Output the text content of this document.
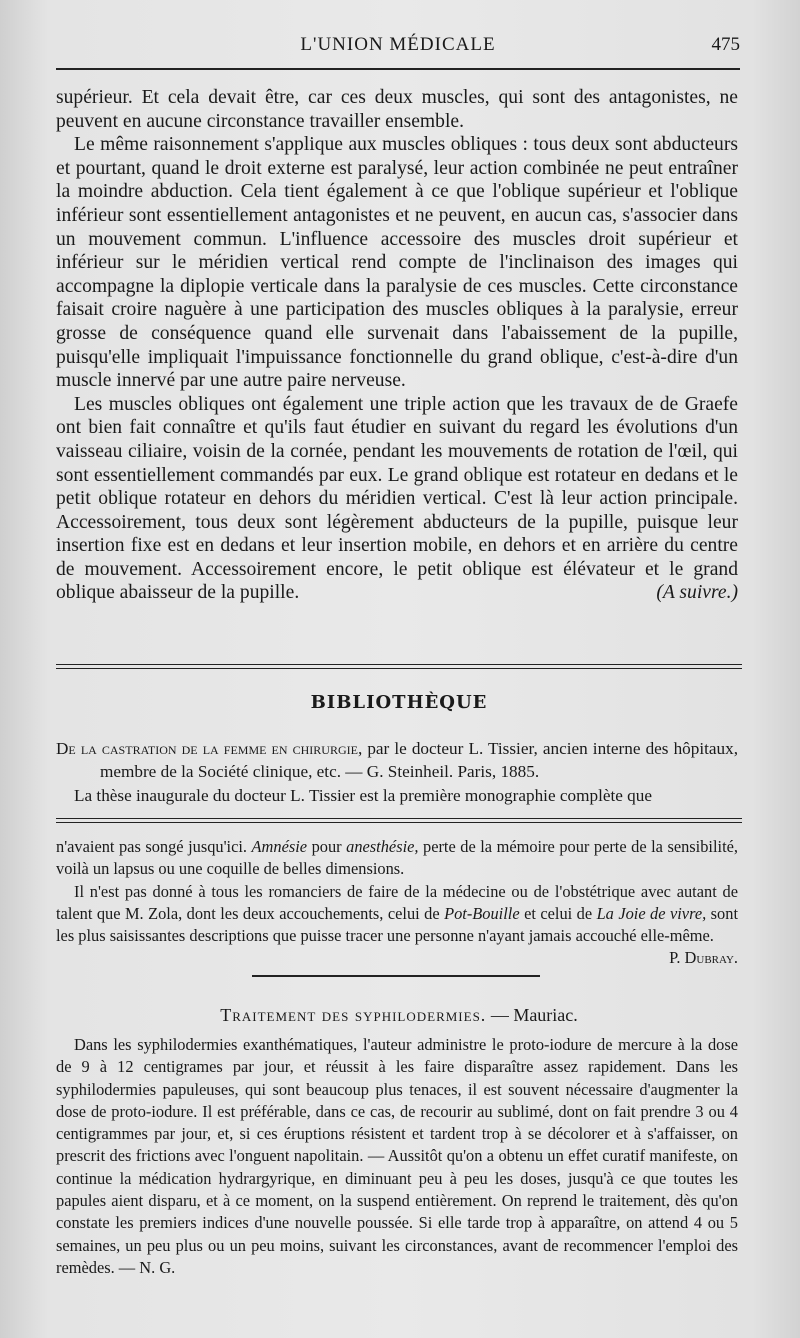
L'UNION MÉDICALE	475

supérieur. Et cela devait être, car ces deux muscles, qui sont des antagonistes, ne peuvent en aucune circonstance travailler ensemble.

Le même raisonnement s'applique aux muscles obliques : tous deux sont abducteurs et pourtant, quand le droit externe est paralysé, leur action combinée ne peut entraîner la moindre abduction. Cela tient également à ce que l'oblique supérieur et l'oblique inférieur sont essentiellement antagonistes et ne peuvent, en aucun cas, s'associer dans un mouvement commun. L'influence accessoire des muscles droit supérieur et inférieur sur le méridien vertical rend compte de l'inclinaison des images qui accompagne la diplopie verticale dans la paralysie de ces muscles. Cette circonstance faisait croire naguère à une participation des muscles obliques à la paralysie, erreur grosse de conséquence quand elle survenait dans l'abaissement de la pupille, puisqu'elle impliquait l'impuissance fonctionnelle du grand oblique, c'est-à-dire d'un muscle innervé par une autre paire nerveuse.

Les muscles obliques ont également une triple action que les travaux de de Graefe ont bien fait connaître et qu'ils faut étudier en suivant du regard les évolutions d'un vaisseau ciliaire, voisin de la cornée, pendant les mouvements de rotation de l'œil, qui sont essentiellement commandés par eux. Le grand oblique est rotateur en dedans et le petit oblique rotateur en dehors du méridien vertical. C'est là leur action principale. Accessoirement, tous deux sont légèrement abducteurs de la pupille, puisque leur insertion fixe est en dedans et leur insertion mobile, en dehors et en arrière du centre de mouvement. Accessoirement encore, le petit oblique est élévateur et le grand oblique abaisseur de la pupille.	(A suivre.)

BIBLIOTHÈQUE

De la castration de la femme en chirurgie, par le docteur L. Tissier, ancien interne des hôpitaux, membre de la Société clinique, etc. — G. Steinheil. Paris, 1885.

La thèse inaugurale du docteur L. Tissier est la première monographie complète que

n'avaient pas songé jusqu'ici. Amnésie pour anesthésie, perte de la mémoire pour perte de la sensibilité, voilà un lapsus ou une coquille de belles dimensions.

Il n'est pas donné à tous les romanciers de faire de la médecine ou de l'obstétrique avec autant de talent que M. Zola, dont les deux accouchements, celui de Pot-Bouille et celui de La Joie de vivre, sont les plus saisissantes descriptions que puisse tracer une personne n'ayant jamais accouché elle-même.
P. Dubray.

Traitement des syphilodermies. — Mauriac.

Dans les syphilodermies exanthématiques, l'auteur administre le proto-iodure de mercure à la dose de 9 à 12 centigrames par jour, et réussit à les faire disparaître assez rapidement. Dans les syphilodermies papuleuses, qui sont beaucoup plus tenaces, il est souvent nécessaire d'augmenter la dose de proto-iodure. Il est préférable, dans ce cas, de recourir au sublimé, dont on fait prendre 3 ou 4 centigrammes par jour, et, si ces éruptions résistent et tardent trop à se décolorer et à s'affaisser, on prescrit des frictions avec l'onguent napolitain. — Aussitôt qu'on a obtenu un effet curatif manifeste, on continue la médication hydrargyrique, en diminuant peu à peu les doses, jusqu'à ce que toutes les papules aient disparu, et à ce moment, on la suspend entièrement. On reprend le traitement, dès qu'on constate les premiers indices d'une nouvelle poussée. Si elle tarde trop à apparaître, on attend 4 ou 5 semaines, un peu plus ou un peu moins, suivant les circonstances, avant de recommencer l'emploi des remèdes. — N. G.
